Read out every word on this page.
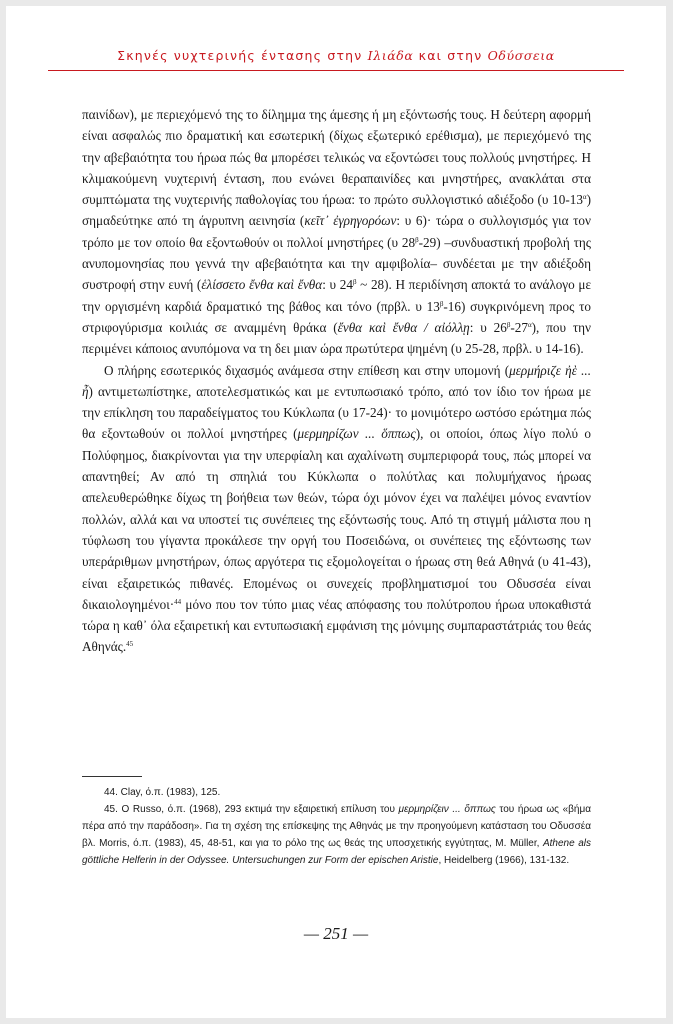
Σκηνές νυχτερινής έντασης στην Ιλιάδα και στην Οδύσσεια

παινίδων), με περιεχόμενό της το δίλημμα της άμεσης ή μη εξόντωσής τους. Η δεύτερη αφορμή είναι ασφαλώς πιο δραματική και εσωτερική (δίχως εξωτερικό ερέθισμα), με περιεχόμενό της την αβεβαιότητα του ήρωα πώς θα μπορέσει τελικώς να εξοντώσει τους πολλούς μνηστήρες. Η κλιμακούμενη νυχτερινή ένταση, που ενώνει θεραπαινίδες και μνηστήρες, ανακλάται στα συμπτώματα της νυχτερινής παθολογίας του ήρωα: το πρώτο συλλογιστικό αδιέξοδο (υ $10-13^\alpha$) σημαδεύτηκε από τη άγρυπνη αεινησία (κεῖτ᾽ ἐγρηγορόων: υ 6)· τώρα ο συλλογισμός για τον τρόπο με τον οποίο θα εξοντωθούν οι πολλοί μνηστήρες (υ $28^\beta-29$) –συνδυαστική προβολή της ανυπομονησίας που γεννά την αβεβαιότητα και την αμφιβολία– συνδέεται με την αδιέξοδη συστροφή στην ευνή (ἑλίσσετο ἔνθα καὶ ἔνθα: υ $24^\beta$ ~ 28). Η περιδίνηση αποκτά το ανάλογο με την οργισμένη καρδιά δραματικό της βάθος και τόνο (πρβλ. υ $13^\beta-16$) συγκρινόμενη προς το στριφογύρισμα κοιλιάς σε αναμμένη θράκα (ἔνθα καὶ ἔνθα / αἰόλλῃ: υ $26^\beta-27^\alpha$), που την περιμένει κάποιος ανυπόμονα να τη δει μιαν ώρα πρωτύτερα ψημένη (υ 25-28, πρβλ. υ 14-16).

Ο πλήρης εσωτερικός διχασμός ανάμεσα στην επίθεση και στην υπομονή (μερμήριζε ἠὲ ... ἦ) αντιμετωπίστηκε, αποτελεσματικώς και με εντυπωσιακό τρόπο, από τον ίδιο τον ήρωα με την επίκληση του παραδείγματος του Κύκλωπα (υ 17-24)· το μονιμότερο ωστόσο ερώτημα πώς θα εξοντωθούν οι πολλοί μνηστήρες (μερμηρίζων ... ὅππως), οι οποίοι, όπως λίγο πολύ ο Πολύφημος, διακρίνονται για την υπερφίαλη και αχαλίνωτη συμπεριφορά τους, πώς μπορεί να απαντηθεί; Αν από τη σπηλιά του Κύκλωπα ο πολύτλας και πολυμήχανος ήρωας απελευθερώθηκε δίχως τη βοήθεια των θεών, τώρα όχι μόνον έχει να παλέψει μόνος εναντίον πολλών, αλλά και να υποστεί τις συνέπειες της εξόντωσής τους. Από τη στιγμή μάλιστα που η τύφλωση του γίγαντα προκάλεσε την οργή του Ποσειδώνα, οι συνέπειες της εξόντωσης των υπεράριθμων μνηστήρων, όπως αργότερα τις εξομολογείται ο ήρωας στη θεά Αθηνά (υ 41-43), είναι εξαιρετικώς πιθανές. Επομένως οι συνεχείς προβληματισμοί του Οδυσσέα είναι δικαιολογημένοι·$^{44}$ μόνο που τον τύπο μιας νέας απόφασης του πολύτροπου ήρωα υποκαθιστά τώρα η καθ᾽ όλα εξαιρετική και εντυπωσιακή εμφάνιση της μόνιμης συμπαραστάτριάς του θεάς Αθηνάς.$^{45}$

44. Clay, ό.π. (1983), 125.

45. Ο Russo, ό.π. (1968), 293 εκτιμά την εξαιρετική επίλυση του μερμηρίζειν ... ὅππως του ήρωα ως «βήμα πέρα από την παράδοση». Για τη σχέση της επίσκεψης της Αθηνάς με την προηγούμενη κατάσταση του Οδυσσέα βλ. Morris, ό.π. (1983), 45, 48-51, και για το ρόλο της ως θεάς της υποσχετικής εγγύτητας, M. Müller, Athene als göttliche Helferin in der Odyssee. Untersuchungen zur Form der epischen Aristie, Heidelberg (1966), 131-132.

— 251 —
